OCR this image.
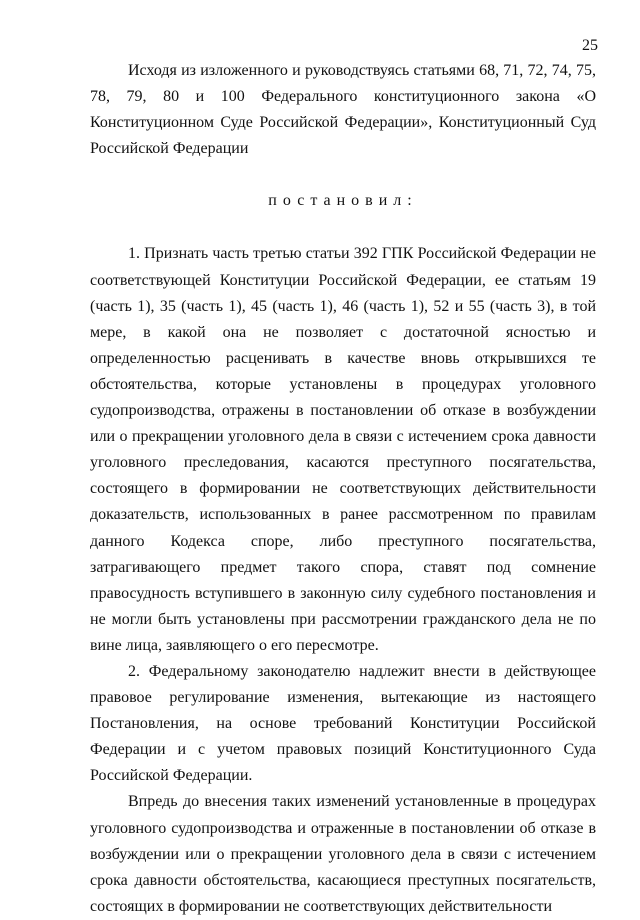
25

Исходя из изложенного и руководствуясь статьями 68, 71, 72, 74, 75, 78, 79, 80 и 100 Федерального конституционного закона «О Конституционном Суде Российской Федерации», Конституционный Суд Российской Федерации

постановил:

1. Признать часть третью статьи 392 ГПК Российской Федерации не соответствующей Конституции Российской Федерации, ее статьям 19 (часть 1), 35 (часть 1), 45 (часть 1), 46 (часть 1), 52 и 55 (часть 3), в той мере, в какой она не позволяет с достаточной ясностью и определенностью расценивать в качестве вновь открывшихся те обстоятельства, которые установлены в процедурах уголовного судопроизводства, отражены в постановлении об отказе в возбуждении или о прекращении уголовного дела в связи с истечением срока давности уголовного преследования, касаются преступного посягательства, состоящего в формировании не соответствующих действительности доказательств, использованных в ранее рассмотренном по правилам данного Кодекса споре, либо преступного посягательства, затрагивающего предмет такого спора, ставят под сомнение правосудность вступившего в законную силу судебного постановления и не могли быть установлены при рассмотрении гражданского дела не по вине лица, заявляющего о его пересмотре.

2. Федеральному законодателю надлежит внести в действующее правовое регулирование изменения, вытекающие из настоящего Постановления, на основе требований Конституции Российской Федерации и с учетом правовых позиций Конституционного Суда Российской Федерации.

Впредь до внесения таких изменений установленные в процедурах уголовного судопроизводства и отраженные в постановлении об отказе в возбуждении или о прекращении уголовного дела в связи с истечением срока давности обстоятельства, касающиеся преступных посягательств, состоящих в формировании не соответствующих действительности
